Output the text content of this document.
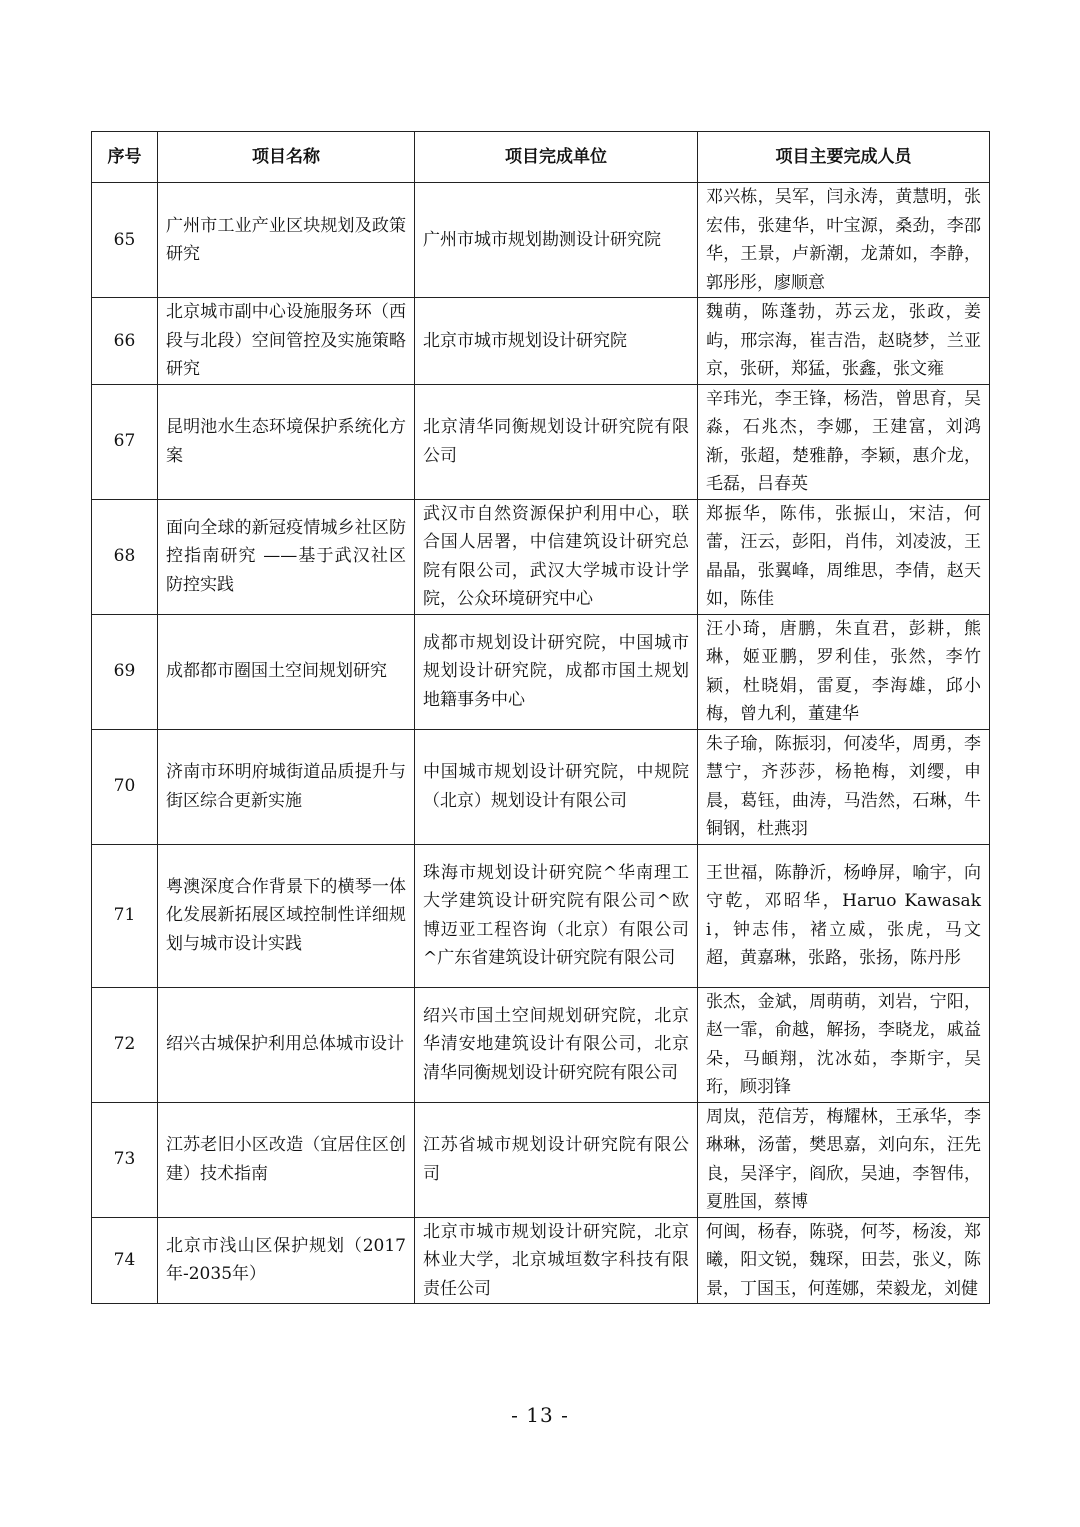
序号	项目名称	项目完成单位	项目主要完成人员
65	广州市工业产业区块规划及政策研究	广州市城市规划勘测设计研究院	邓兴栋，吴军，闫永涛，黄慧明，张宏伟，张建华，叶宝源，桑劲，李邵华，王景，卢新潮，龙萧如，李静，郭彤彤，廖顺意
66	北京城市副中心设施服务环（西段与北段）空间管控及实施策略研究	北京市城市规划设计研究院	魏萌，陈蓬勃，苏云龙，张政，姜屿，邢宗海，崔吉浩，赵晓梦，兰亚京，张研，郑猛，张鑫，张文雍
67	昆明池水生态环境保护系统化方案	北京清华同衡规划设计研究院有限公司	辛玮光，李王锋，杨浩，曾思育，吴淼，石兆杰，李娜，王建富，刘鸿渐，张超，楚雅静，李颖，惠介龙，毛磊，吕春英
68	面向全球的新冠疫情城乡社区防控指南研究 ——基于武汉社区防控实践	武汉市自然资源保护利用中心，联合国人居署，中信建筑设计研究总院有限公司，武汉大学城市设计学院，公众环境研究中心	郑振华，陈伟，张振山，宋洁，何蕾，汪云，彭阳，肖伟，刘凌波，王晶晶，张翼峰，周维思，李倩，赵天如，陈佳
69	成都都市圈国土空间规划研究	成都市规划设计研究院，中国城市规划设计研究院，成都市国土规划地籍事务中心	汪小琦，唐鹏，朱直君，彭耕，熊琳，姬亚鹏，罗利佳，张然，李竹颖，杜晓娟，雷夏，李海雄，邱小梅，曾九利，董建华
70	济南市环明府城街道品质提升与街区综合更新实施	中国城市规划设计研究院，中规院（北京）规划设计有限公司	朱子瑜，陈振羽，何凌华，周勇，李慧宁，齐莎莎，杨艳梅，刘缨，申晨，葛钰，曲涛，马浩然，石琳，牛铜钢，杜燕羽
71	粤澳深度合作背景下的横琴一体化发展新拓展区域控制性详细规划与城市设计实践	珠海市规划设计研究院^华南理工大学建筑设计研究院有限公司^欧博迈亚工程咨询（北京）有限公司^广东省建筑设计研究院有限公司	王世福，陈静沂，杨峥屏，喻宇，向守乾，邓昭华，Haruo Kawasaki，钟志伟，褚立威，张虎，马文超，黄嘉琳，张路，张扬，陈丹彤
72	绍兴古城保护利用总体城市设计	绍兴市国土空间规划研究院，北京华清安地建筑设计有限公司，北京清华同衡规划设计研究院有限公司	张杰，金斌，周萌萌，刘岩，宁阳，赵一霏，俞越，解扬，李晓龙，戚益朵，马頔翔，沈冰茹，李斯宇，吴珩，顾羽锋
73	江苏老旧小区改造（宜居住区创建）技术指南	江苏省城市规划设计研究院有限公司	周岚，范信芳，梅耀林，王承华，李琳琳，汤蕾，樊思嘉，刘向东，汪先良，吴泽宇，阎欣，吴迪，李智伟，夏胜国，蔡博
74	北京市浅山区保护规划（2017年-2035年）	北京市城市规划设计研究院，北京林业大学，北京城垣数字科技有限责任公司	何闽，杨春，陈骁，何芩，杨浚，郑曦，阳文锐，魏琛，田芸，张义，陈景，丁国玉，何莲娜，荣毅龙，刘健
- 13 -
